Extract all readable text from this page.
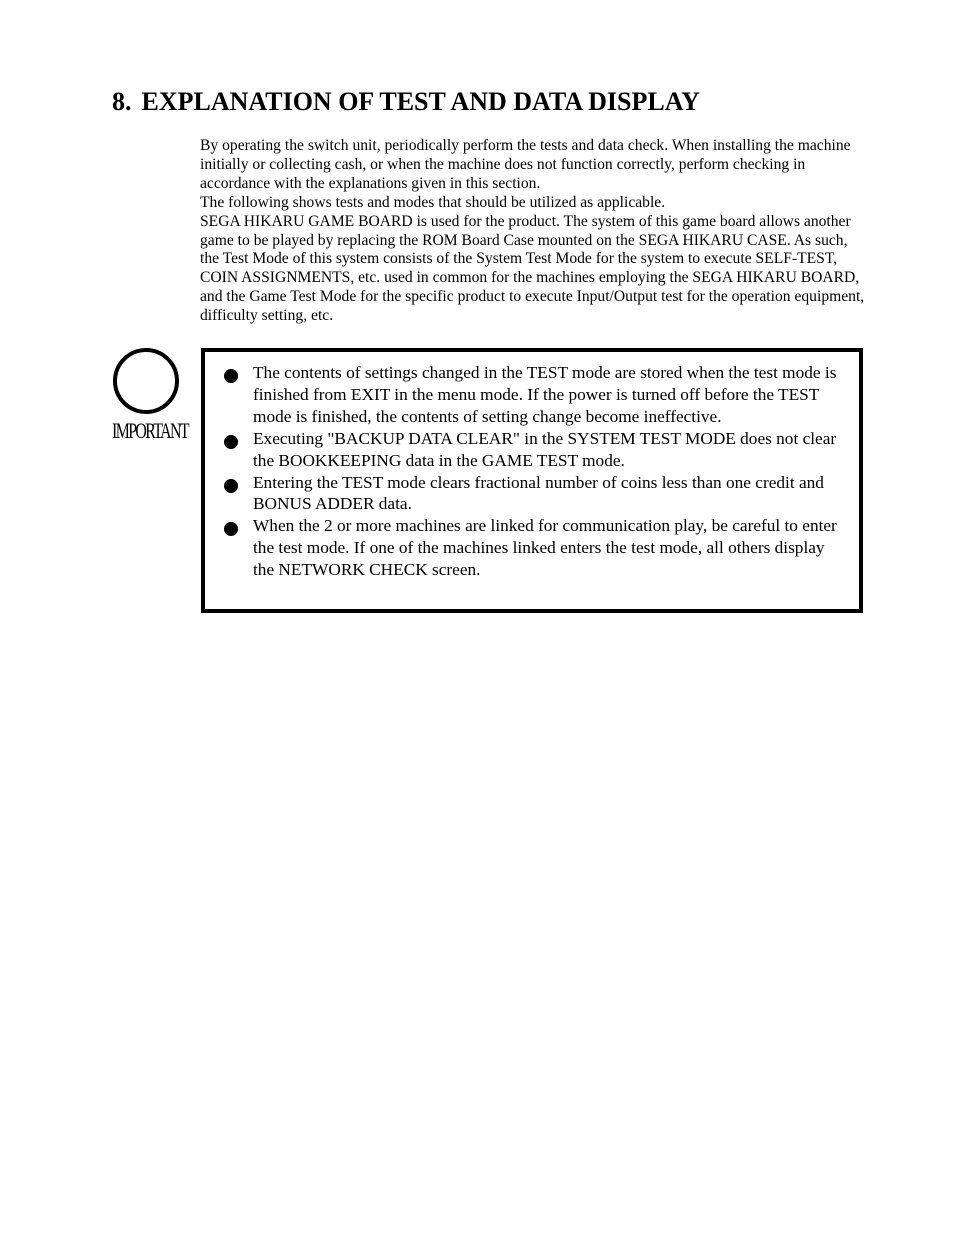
8. EXPLANATION OF TEST AND DATA DISPLAY

By operating the switch unit, periodically perform the tests and data check. When installing the machine initially or collecting cash, or when the machine does not function correctly, perform checking in accordance with the explanations given in this section.

The following shows tests and modes that should be utilized as applicable.

SEGA HIKARU GAME BOARD is used for the product. The system of this game board allows another game to be played by replacing the ROM Board Case mounted on the SEGA HIKARU CASE. As such, the Test Mode of this system consists of the System Test Mode for the system to execute SELF-TEST, COIN ASSIGNMENTS, etc. used in common for the machines employing the SEGA HIKARU BOARD, and the Game Test Mode for the specific product to execute Input/Output test for the operation equipment, difficulty setting, etc.

IMPORTANT
The contents of settings changed in the TEST mode are stored when the test mode is finished from EXIT in the menu mode. If the power is turned off before the TEST mode is finished, the contents of setting change become ineffective.
Executing "BACKUP DATA CLEAR" in the SYSTEM TEST MODE does not clear the BOOKKEEPING data in the GAME TEST mode.
Entering the TEST mode clears fractional number of coins less than one credit and BONUS ADDER data.
When the 2 or more machines are linked for communication play, be careful to enter the test mode. If one of the machines linked enters the test mode, all others display the NETWORK CHECK screen.
